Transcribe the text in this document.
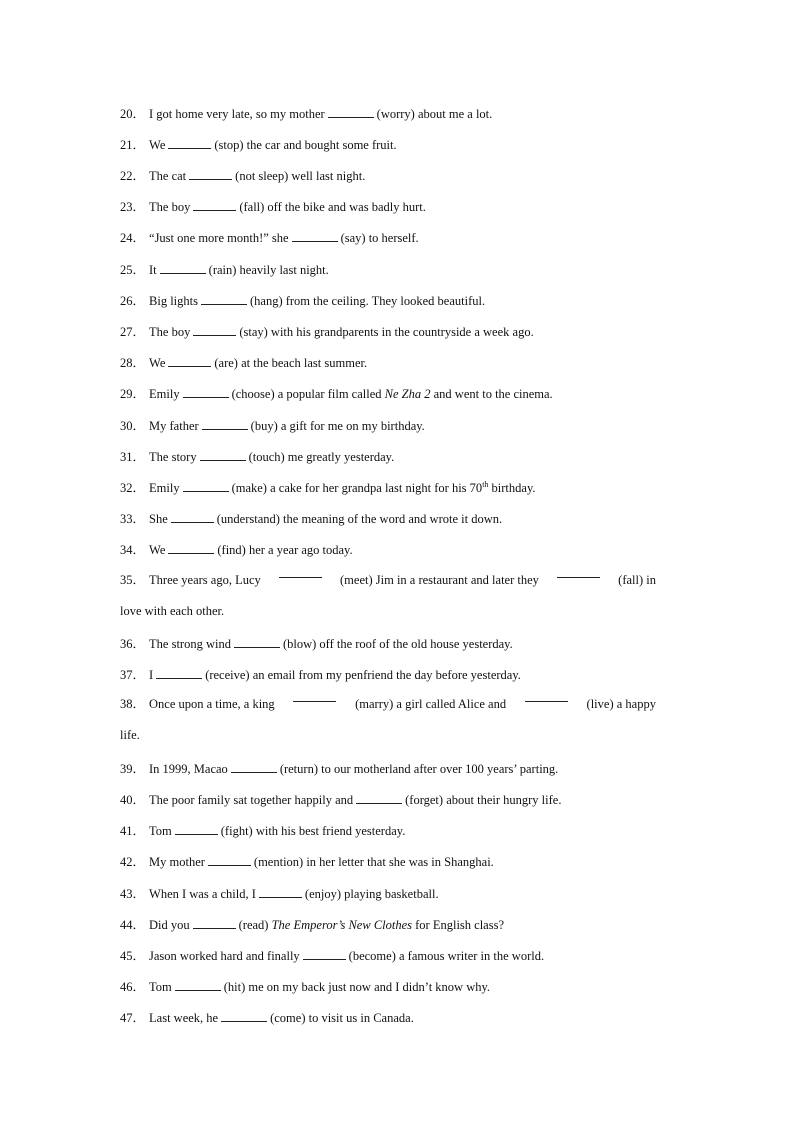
20． I got home very late, so my mother	(worry) about me a lot.
21． We	(stop) the car and bought some fruit.
22． The cat	(not sleep) well last night.
23． The boy	(fall) off the bike and was badly hurt.
24． “Just one more month!” she	(say) to herself.
25． It	(rain) heavily last night.
26． Big lights	(hang) from the ceiling. They looked beautiful.
27． The boy	(stay) with his grandparents in the countryside a week ago.
28． We	(are) at the beach last summer.
29． Emily	(choose) a popular film called Ne Zha 2 and went to the cinema.
30． My father	(buy) a gift for me on my birthday.
31． The story	(touch) me greatly yesterday.
32． Emily	(make) a cake for her grandpa last night for his 70th birthday.
33． She	(understand) the meaning of the word and wrote it down.
34． We	(find) her a year ago today.
35． Three years ago, Lucy	(meet) Jim in a restaurant and later they	(fall) in
love with each other.
36． The strong wind	(blow) off the roof of the old house yesterday.
37． I	(receive) an email from my penfriend the day before yesterday.
38． Once upon a time, a king	(marry) a girl called Alice and	(live) a happy
life.
39． In 1999, Macao	(return) to our motherland after over 100 years’ parting.
40． The poor family sat together happily and	(forget) about their hungry life.
41． Tom	(fight) with his best friend yesterday.
42． My mother	(mention) in her letter that she was in Shanghai.
43． When I was a child, I	(enjoy) playing basketball.
44． Did you	(read) The Emperor’s New Clothes for English class?
45． Jason worked hard and finally	(become) a famous writer in the world.
46． Tom	(hit) me on my back just now and I didn’t know why.
47． Last week, he	(come) to visit us in Canada.
